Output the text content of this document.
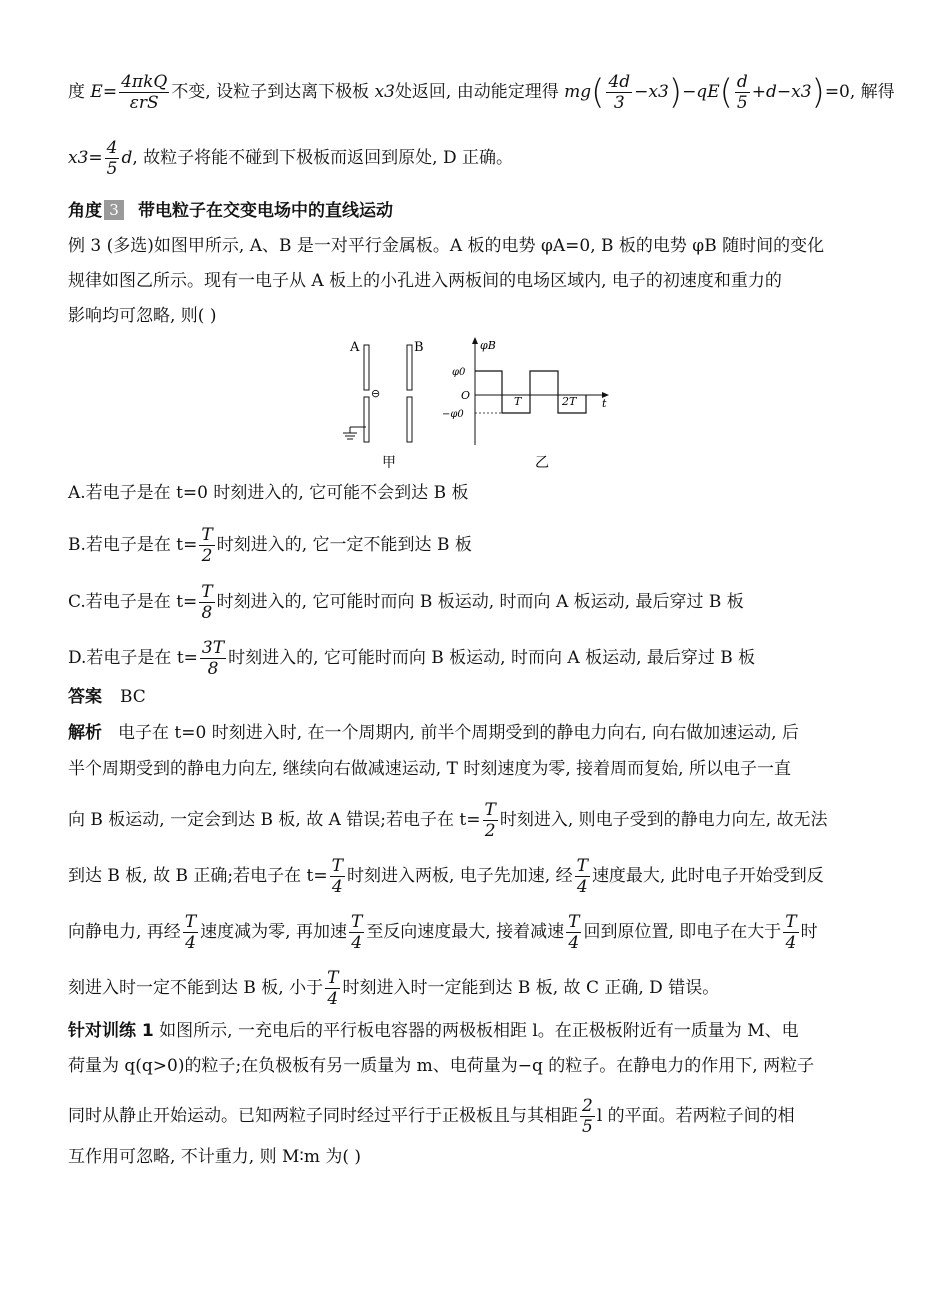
度 $E= \frac{\text{4πkQ}}{\text{εrS}}$ 不变, 设粒子到达离下极板 x3处返回, 由动能定理得 $mg( \frac{4d}{3} -x3)-qE( \frac{d}{5} +d-x3)=0$, 解得
$x3= \frac{4}{5} d$, 故粒子将能不碰到下极板而返回到原处, D 正确。
角度 3 带电粒子在交变电场中的直线运动
例 3 (多选)如图甲所示, A、B 是一对平行金属板。A 板的电势 φA=0, B 板的电势 φB 随时间的变化
规律如图乙所示。现有一电子从 A 板上的小孔进入两板间的电场区域内, 电子的初速度和重力的
影响均可忽略, 则( )
A
⊖
B
甲
φB
t
φ0
O
−φ0
T	2T
乙
A.若电子是在 t=0 时刻进入的, 它可能不会到达 B 板
B.若电子是在 $t= \frac{T}{2}$ 时刻进入的, 它一定不能到达 B 板
C.若电子是在 $t= \frac{T}{8}$ 时刻进入的, 它可能时而向 B 板运动, 时而向 A 板运动, 最后穿过 B 板
D.若电子是在 $t= \frac{3T}{8}$ 时刻进入的, 它可能时而向 B 板运动, 时而向 A 板运动, 最后穿过 B 板
答案 BC
解析 电子在 t=0 时刻进入时, 在一个周期内, 前半个周期受到的静电力向右, 向右做加速运动, 后
半个周期受到的静电力向左, 继续向右做减速运动, T 时刻速度为零, 接着周而复始, 所以电子一直
向 B 板运动, 一定会到达 B 板, 故 A 错误;若电子在 $t= \frac{T}{2}$ 时刻进入, 则电子受到的静电力向左, 故无法
到达 B 板, 故 B 正确;若电子在 $t= \frac{T}{4}$ 时刻进入两板, 电子先加速, 经 $\frac{T}{4}$ 速度最大, 此时电子开始受到反
向静电力, 再经 $\frac{T}{4}$ 速度减为零, 再加速 $\frac{T}{4}$ 至反向速度最大, 接着减速 $\frac{T}{4}$ 回到原位置, 即电子在大于 $\frac{T}{4}$ 时
刻进入时一定不能到达 B 板, 小于 $\frac{T}{4}$ 时刻进入时一定能到达 B 板, 故 C 正确, D 错误。
针对训练 1 如图所示, 一充电后的平行板电容器的两极板相距 l。在正极板附近有一质量为 M、电
荷量为 q(q>0)的粒子;在负极板有另一质量为 m、电荷量为−q 的粒子。在静电力的作用下, 两粒子
同时从静止开始运动。已知两粒子同时经过平行于正极板且与其相距 $\frac{2}{5}$ l 的平面。若两粒子间的相
互作用可忽略, 不计重力, 则 M∶m 为( )
